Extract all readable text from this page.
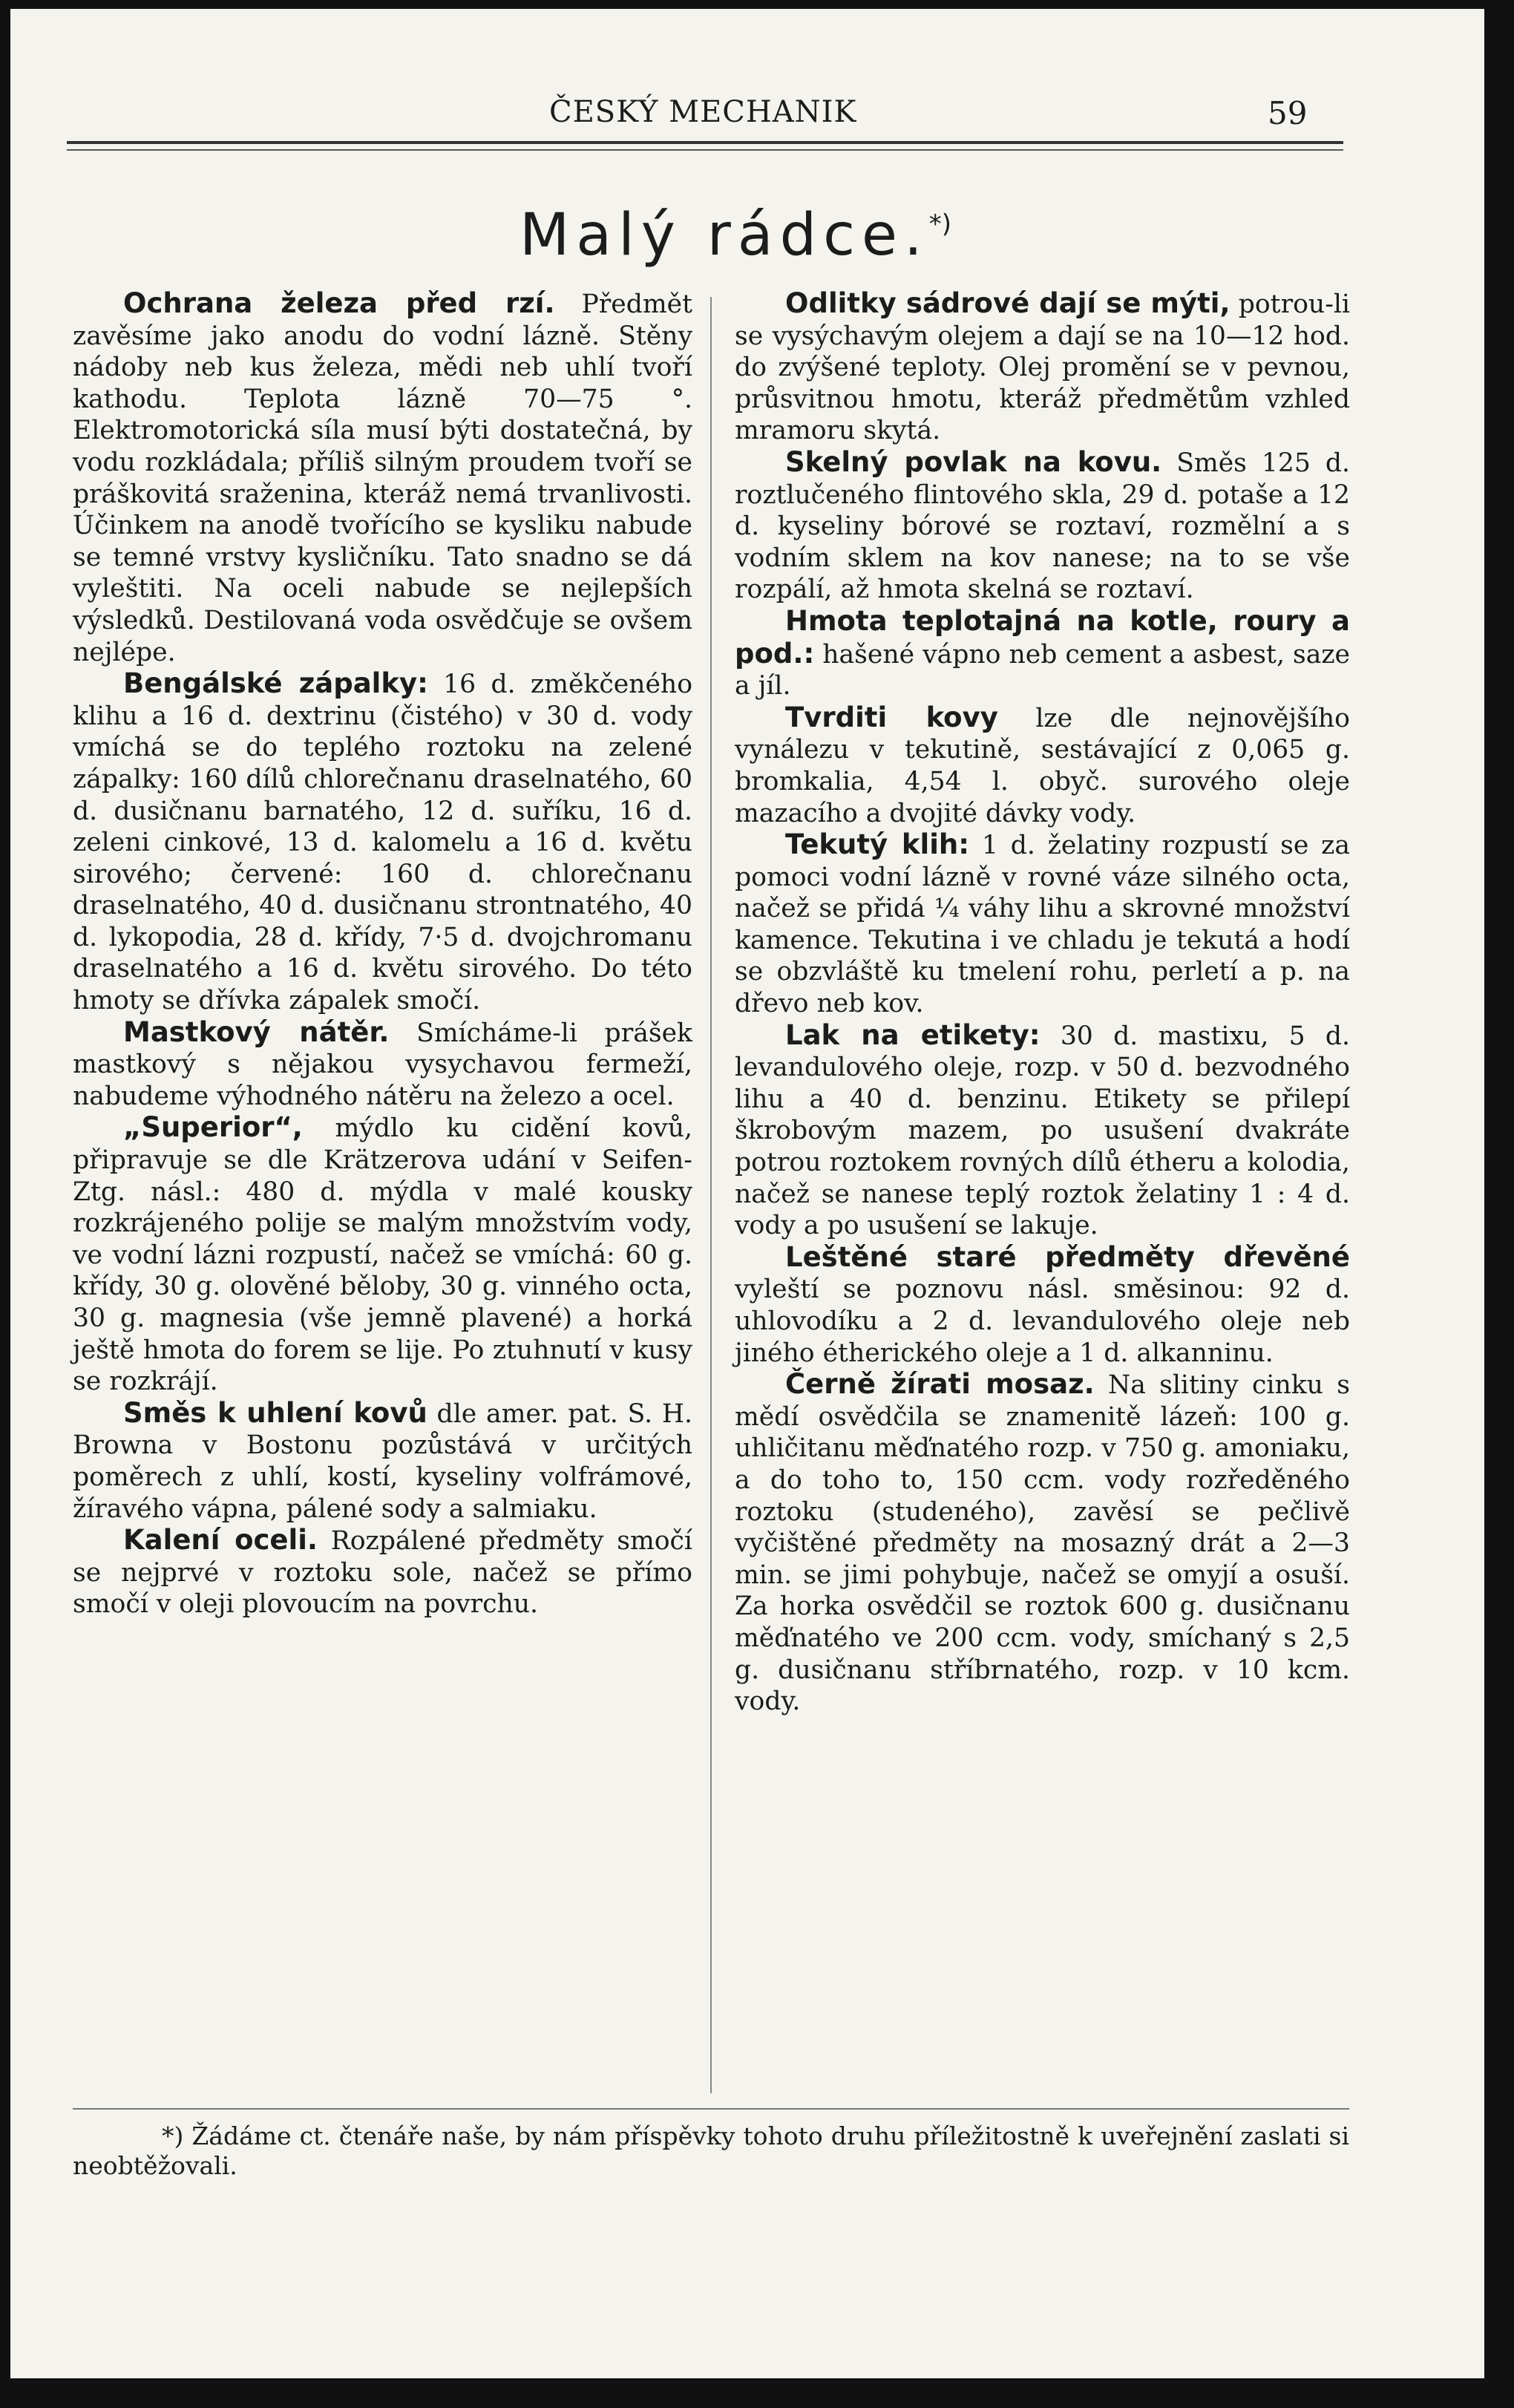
ČESKÝ MECHANIK	59
Malý rádce.*)

Ochrana železa před rzí. Předmět zavěsíme jako anodu do vodní lázně. Stěny nádoby neb kus železa, mědi neb uhlí tvoří kathodu. Teplota lázně 70—75 °. Elektromotorická síla musí býti dostatečná, by vodu rozkládala; příliš silným proudem tvoří se práškovitá sraženina, kteráž nemá trvanlivosti. Účinkem na anodě tvořícího se kysliku nabude se temné vrstvy kysličníku. Tato snadno se dá vyleštiti. Na oceli nabude se nejlepších výsledků. Destilovaná voda osvědčuje se ovšem nejlépe.

Bengálské zápalky: 16 d. změkčeného klihu a 16 d. dextrinu (čistého) v 30 d. vody vmíchá se do teplého roztoku na zelené zápalky: 160 dílů chlorečnanu draselnatého, 60 d. dusičnanu barnatého, 12 d. suříku, 16 d. zeleni cinkové, 13 d. kalomelu a 16 d. květu sirového; červené: 160 d. chlorečnanu draselnatého, 40 d. dusičnanu strontnatého, 40 d. lykopodia, 28 d. křídy, 7·5 d. dvojchromanu draselnatého a 16 d. květu sirového. Do této hmoty se dřívka zápalek smočí.

Mastkový nátěr. Smícháme-li prášek mastkový s nějakou vysychavou fermeží, nabudeme výhodného nátěru na železo a ocel.

„Superior“, mýdlo ku cidění kovů, připravuje se dle Krätzerova udání v Seifen-Ztg. násl.: 480 d. mýdla v malé kousky rozkrájeného polije se malým množstvím vody, ve vodní lázni rozpustí, načež se vmíchá: 60 g. křídy, 30 g. olověné běloby, 30 g. vinného octa, 30 g. magnesia (vše jemně plavené) a horká ještě hmota do forem se lije. Po ztuhnutí v kusy se rozkrájí.

Směs k uhlení kovů dle amer. pat. S. H. Browna v Bostonu pozůstává v určitých poměrech z uhlí, kostí, kyseliny volfrámové, žíravého vápna, pálené sody a salmiaku.

Kalení oceli. Rozpálené předměty smočí se nejprvé v roztoku sole, načež se přímo smočí v oleji plovoucím na povrchu.

Odlitky sádrové dají se mýti, potrou-li se vysýchavým olejem a dají se na 10—12 hod. do zvýšené teploty. Olej promění se v pevnou, průsvitnou hmotu, kteráž předmětům vzhled mramoru skytá.

Skelný povlak na kovu. Směs 125 d. roztlučeného flintového skla, 29 d. potaše a 12 d. kyseliny bórové se roztaví, rozmělní a s vodním sklem na kov nanese; na to se vše rozpálí, až hmota skelná se roztaví.

Hmota teplotajná na kotle, roury a pod.: hašené vápno neb cement a asbest, saze a jíl.

Tvrditi kovy lze dle nejnovějšího vynálezu v tekutině, sestávající z 0,065 g. bromkalia, 4,54 l. obyč. surového oleje mazacího a dvojité dávky vody.

Tekutý klih: 1 d. želatiny rozpustí se za pomoci vodní lázně v rovné váze silného octa, načež se přidá ¼ váhy lihu a skrovné množství kamence. Tekutina i ve chladu je tekutá a hodí se obzvláště ku tmelení rohu, perletí a p. na dřevo neb kov.

Lak na etikety: 30 d. mastixu, 5 d. levandulového oleje, rozp. v 50 d. bezvodného lihu a 40 d. benzinu. Etikety se přilepí škrobovým mazem, po usušení dvakráte potrou roztokem rovných dílů étheru a kolodia, načež se nanese teplý roztok želatiny 1 : 4 d. vody a po usušení se lakuje.

Leštěné staré předměty dřevěné vyleští se poznovu násl. směsinou: 92 d. uhlovodíku a 2 d. levandulového oleje neb jiného étherického oleje a 1 d. alkanninu.

Černě žírati mosaz. Na slitiny cinku s mědí osvědčila se znamenitě lázeň: 100 g. uhličitanu měďnatého rozp. v 750 g. amoniaku, a do toho to, 150 ccm. vody rozředěného roztoku (studeného), zavěsí se pečlivě vyčištěné předměty na mosazný drát a 2—3 min. se jimi pohybuje, načež se omyjí a osuší. Za horka osvědčil se roztok 600 g. dusičnanu měďnatého ve 200 ccm. vody, smíchaný s 2,5 g. dusičnanu stříbrnatého, rozp. v 10 kcm. vody.

*) Žádáme ct. čtenáře naše, by nám příspěvky tohoto druhu příležitostně k uveřejnění zaslati si neobtěžovali.
